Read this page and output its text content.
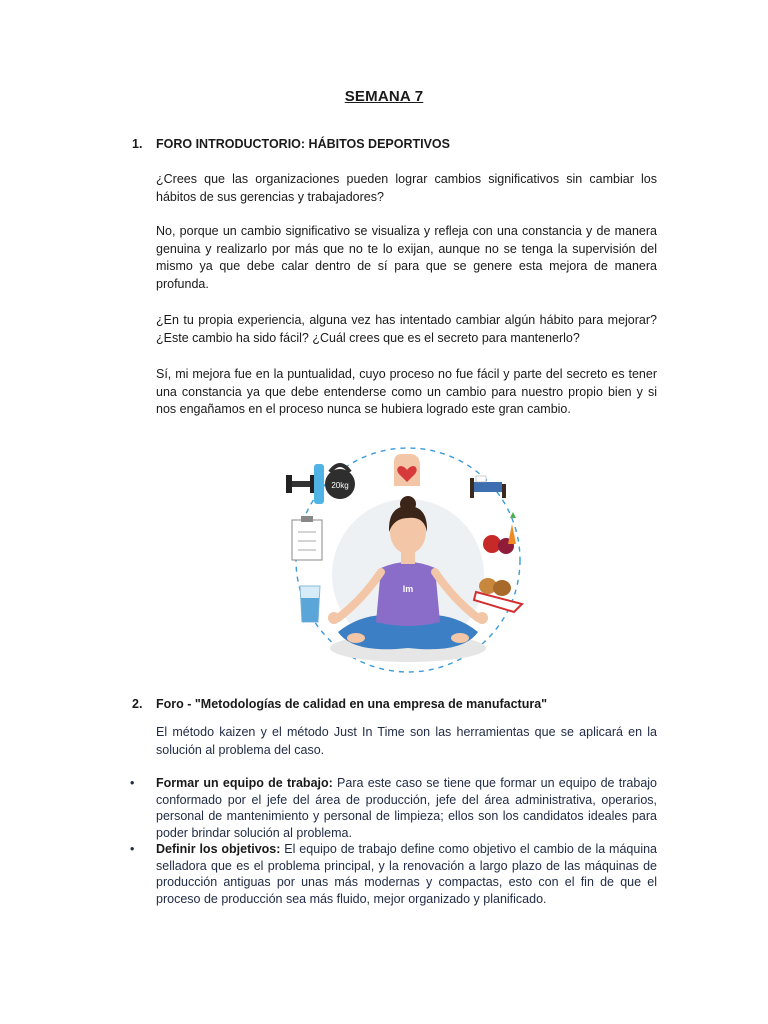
SEMANA 7
1. FORO INTRODUCTORIO: HÁBITOS DEPORTIVOS

¿Crees que las organizaciones pueden lograr cambios significativos sin cambiar los hábitos de sus gerencias y trabajadores?

No, porque un cambio significativo se visualiza y refleja con una constancia y de manera genuina y realizarlo por más que no te lo exijan, aunque no se tenga la supervisión del mismo ya que debe calar dentro de sí para que se genere esta mejora de manera profunda.

¿En tu propia experiencia, alguna vez has intentado cambiar algún hábito para mejorar? ¿Este cambio ha sido fácil? ¿Cuál crees que es el secreto para mantenerlo?

Sí, mi mejora fue en la puntualidad, cuyo proceso no fue fácil y parte del secreto es tener una constancia ya que debe entenderse como un cambio para nuestro propio bien y si nos engañamos en el proceso nunca se hubiera logrado este gran cambio.

lm
20kg
2. Foro - "Metodologías de calidad en una empresa de manufactura"

El método kaizen y el método Just In Time son las herramientas que se aplicará en la solución al problema del caso.

•	Formar un equipo de trabajo: Para este caso se tiene que formar un equipo de trabajo conformado por el jefe del área de producción, jefe del área administrativa, operarios, personal de mantenimiento y personal de limpieza; ellos son los candidatos ideales para poder brindar solución al problema.
•	Definir los objetivos: El equipo de trabajo define como objetivo el cambio de la máquina selladora que es el problema principal, y la renovación a largo plazo de las máquinas de producción antiguas por unas más modernas y compactas, esto con el fin de que el proceso de producción sea más fluido, mejor organizado y planificado.
